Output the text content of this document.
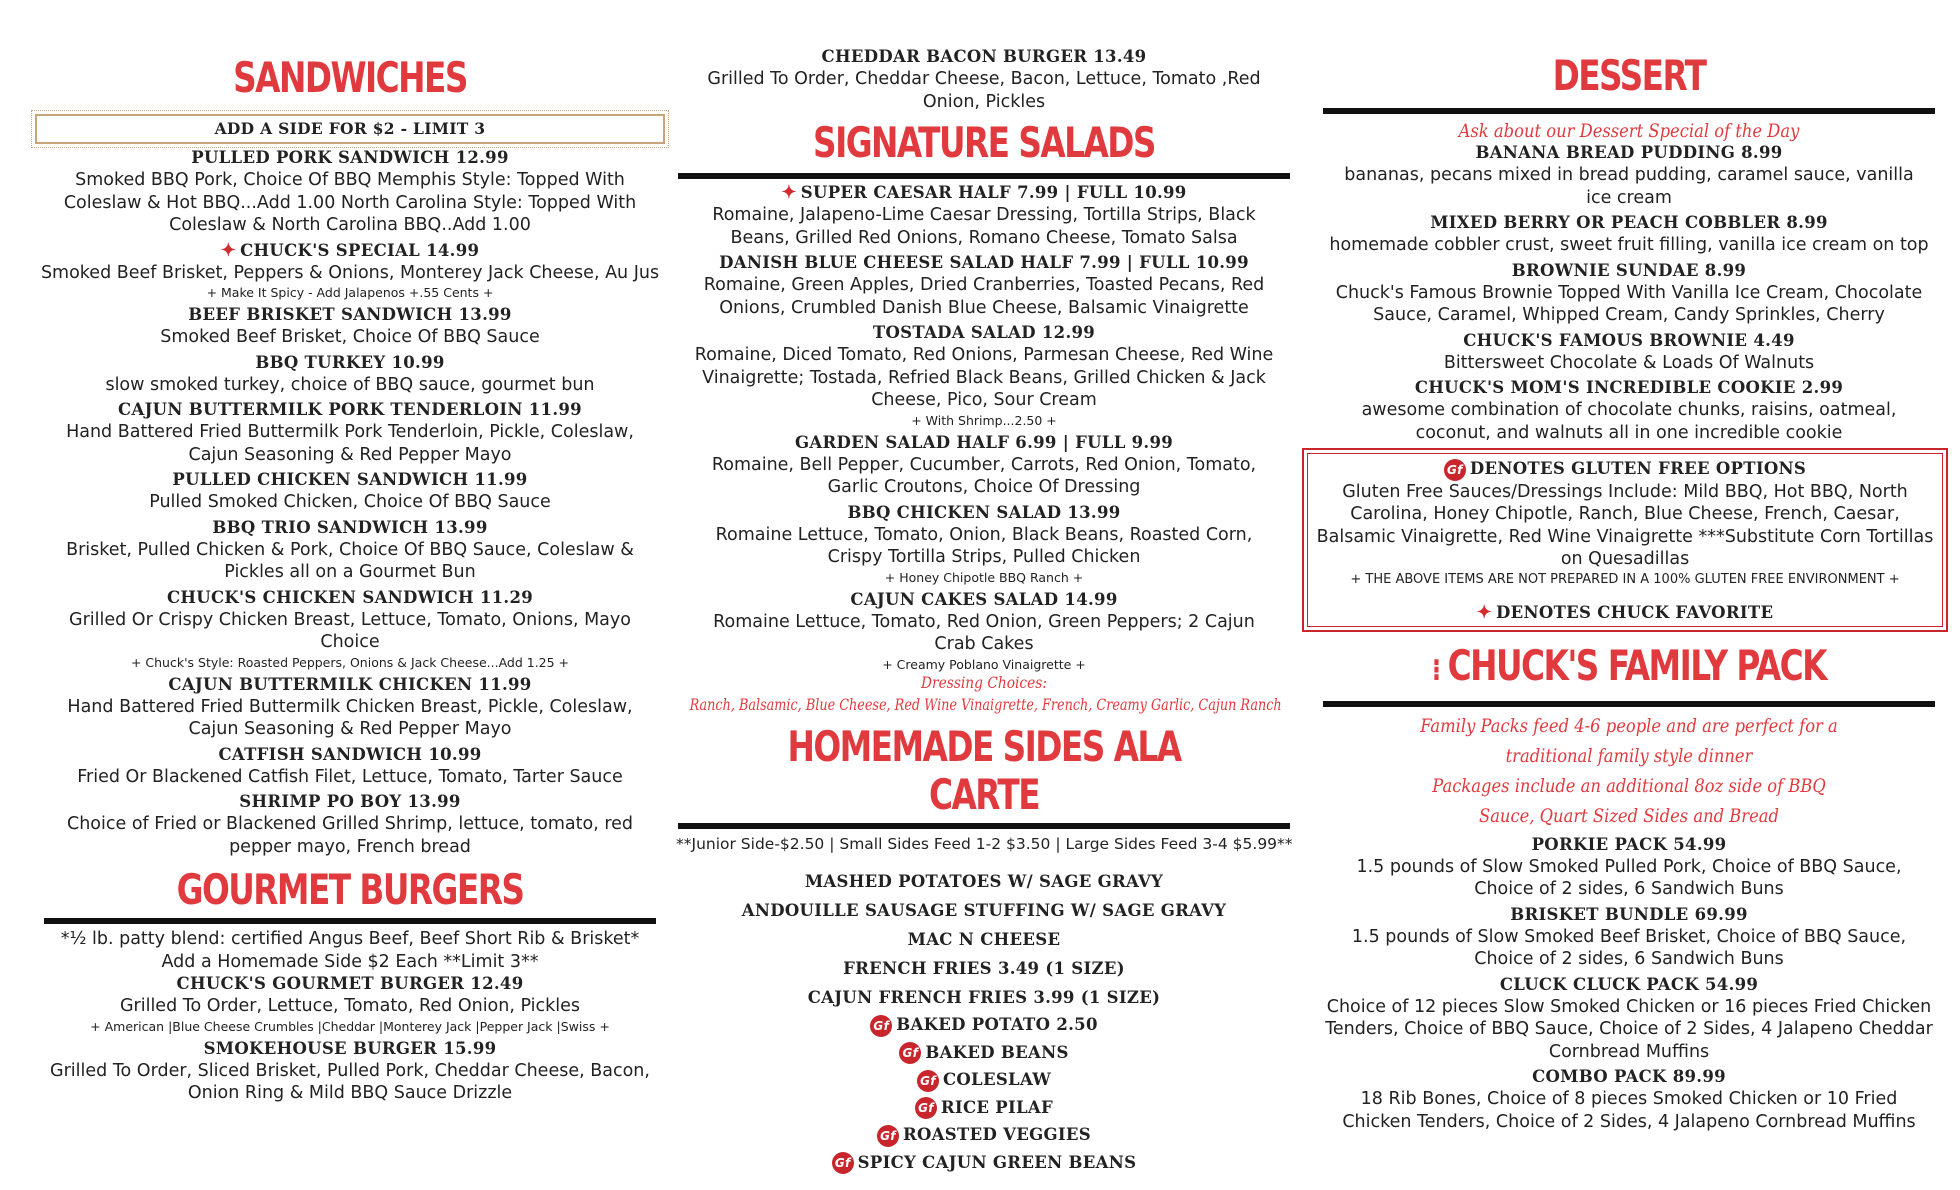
SANDWICHES
ADD A SIDE FOR $2 - LIMIT 3
PULLED PORK SANDWICH 12.99
Smoked BBQ Pork, Choice Of BBQ Memphis Style: Topped With Coleslaw & Hot BBQ...Add 1.00 North Carolina Style: Topped With Coleslaw & North Carolina BBQ..Add 1.00
✦ CHUCK'S SPECIAL 14.99
Smoked Beef Brisket, Peppers & Onions, Monterey Jack Cheese, Au Jus
+ Make It Spicy - Add Jalapenos +.55 Cents +
BEEF BRISKET SANDWICH 13.99
Smoked Beef Brisket, Choice Of BBQ Sauce
BBQ TURKEY 10.99
slow smoked turkey, choice of BBQ sauce, gourmet bun
CAJUN BUTTERMILK PORK TENDERLOIN 11.99
Hand Battered Fried Buttermilk Pork Tenderloin, Pickle, Coleslaw, Cajun Seasoning & Red Pepper Mayo
PULLED CHICKEN SANDWICH 11.99
Pulled Smoked Chicken, Choice Of BBQ Sauce
BBQ TRIO SANDWICH 13.99
Brisket, Pulled Chicken & Pork, Choice Of BBQ Sauce, Coleslaw & Pickles all on a Gourmet Bun
CHUCK'S CHICKEN SANDWICH 11.29
Grilled Or Crispy Chicken Breast, Lettuce, Tomato, Onions, Mayo Choice
+ Chuck's Style: Roasted Peppers, Onions & Jack Cheese...Add 1.25 +
CAJUN BUTTERMILK CHICKEN 11.99
Hand Battered Fried Buttermilk Chicken Breast, Pickle, Coleslaw, Cajun Seasoning & Red Pepper Mayo
CATFISH SANDWICH 10.99
Fried Or Blackened Catfish Filet, Lettuce, Tomato, Tarter Sauce
SHRIMP PO BOY 13.99
Choice of Fried or Blackened Grilled Shrimp, lettuce, tomato, red pepper mayo, French bread
GOURMET BURGERS
*½ lb. patty blend: certified Angus Beef, Beef Short Rib & Brisket*
Add a Homemade Side $2 Each **Limit 3**
CHUCK'S GOURMET BURGER 12.49
Grilled To Order, Lettuce, Tomato, Red Onion, Pickles
+ American |Blue Cheese Crumbles |Cheddar |Monterey Jack |Pepper Jack |Swiss +
SMOKEHOUSE BURGER 15.99
Grilled To Order, Sliced Brisket, Pulled Pork, Cheddar Cheese, Bacon, Onion Ring & Mild BBQ Sauce Drizzle
CHEDDAR BACON BURGER 13.49
Grilled To Order, Cheddar Cheese, Bacon, Lettuce, Tomato ,Red Onion, Pickles
SIGNATURE SALADS
✦ SUPER CAESAR HALF 7.99 | FULL 10.99
Romaine, Jalapeno-Lime Caesar Dressing, Tortilla Strips, Black Beans, Grilled Red Onions, Romano Cheese, Tomato Salsa
DANISH BLUE CHEESE SALAD HALF 7.99 | FULL 10.99
Romaine, Green Apples, Dried Cranberries, Toasted Pecans, Red Onions, Crumbled Danish Blue Cheese, Balsamic Vinaigrette
TOSTADA SALAD 12.99
Romaine, Diced Tomato, Red Onions, Parmesan Cheese, Red Wine Vinaigrette; Tostada, Refried Black Beans, Grilled Chicken & Jack Cheese, Pico, Sour Cream
+ With Shrimp...2.50 +
GARDEN SALAD HALF 6.99 | FULL 9.99
Romaine, Bell Pepper, Cucumber, Carrots, Red Onion, Tomato, Garlic Croutons, Choice Of Dressing
BBQ CHICKEN SALAD 13.99
Romaine Lettuce, Tomato, Onion, Black Beans, Roasted Corn, Crispy Tortilla Strips, Pulled Chicken
+ Honey Chipotle BBQ Ranch +
CAJUN CAKES SALAD 14.99
Romaine Lettuce, Tomato, Red Onion, Green Peppers; 2 Cajun Crab Cakes
+ Creamy Poblano Vinaigrette +
Dressing Choices:
Ranch, Balsamic, Blue Cheese, Red Wine Vinaigrette, French, Creamy Garlic, Cajun Ranch
HOMEMADE SIDES ALA CARTE
**Junior Side-$2.50 | Small Sides Feed 1-2 $3.50 | Large Sides Feed 3-4 $5.99**
MASHED POTATOES W/ SAGE GRAVY
ANDOUILLE SAUSAGE STUFFING W/ SAGE GRAVY
MAC N CHEESE
FRENCH FRIES 3.49 (1 SIZE)
CAJUN FRENCH FRIES 3.99 (1 SIZE)
Gf BAKED POTATO 2.50
Gf BAKED BEANS
Gf COLESLAW
Gf RICE PILAF
Gf ROASTED VEGGIES
Gf SPICY CAJUN GREEN BEANS
DESSERT
Ask about our Dessert Special of the Day
BANANA BREAD PUDDING 8.99
bananas, pecans mixed in bread pudding, caramel sauce, vanilla ice cream
MIXED BERRY OR PEACH COBBLER 8.99
homemade cobbler crust, sweet fruit filling, vanilla ice cream on top
BROWNIE SUNDAE 8.99
Chuck's Famous Brownie Topped With Vanilla Ice Cream, Chocolate Sauce, Caramel, Whipped Cream, Candy Sprinkles, Cherry
CHUCK'S FAMOUS BROWNIE 4.49
Bittersweet Chocolate & Loads Of Walnuts
CHUCK'S MOM'S INCREDIBLE COOKIE 2.99
awesome combination of chocolate chunks, raisins, oatmeal, coconut, and walnuts all in one incredible cookie
Gf DENOTES GLUTEN FREE OPTIONS
Gluten Free Sauces/Dressings Include: Mild BBQ, Hot BBQ, North Carolina, Honey Chipotle, Ranch, Blue Cheese, French, Caesar, Balsamic Vinaigrette, Red Wine Vinaigrette ***Substitute Corn Tortillas on Quesadillas
+ THE ABOVE ITEMS ARE NOT PREPARED IN A 100% GLUTEN FREE ENVIRONMENT +
✦ DENOTES CHUCK FAVORITE
⁝ CHUCK'S FAMILY PACK
Family Packs feed 4-6 people and are perfect for a traditional family style dinner
Packages include an additional 8oz side of BBQ Sauce, Quart Sized Sides and Bread
PORKIE PACK 54.99
1.5 pounds of Slow Smoked Pulled Pork, Choice of BBQ Sauce, Choice of 2 sides, 6 Sandwich Buns
BRISKET BUNDLE 69.99
1.5 pounds of Slow Smoked Beef Brisket, Choice of BBQ Sauce, Choice of 2 sides, 6 Sandwich Buns
CLUCK CLUCK PACK 54.99
Choice of 12 pieces Slow Smoked Chicken or 16 pieces Fried Chicken Tenders, Choice of BBQ Sauce, Choice of 2 Sides, 4 Jalapeno Cheddar Cornbread Muffins
COMBO PACK 89.99
18 Rib Bones, Choice of 8 pieces Smoked Chicken or 10 Fried Chicken Tenders, Choice of 2 Sides, 4 Jalapeno Cornbread Muffins
